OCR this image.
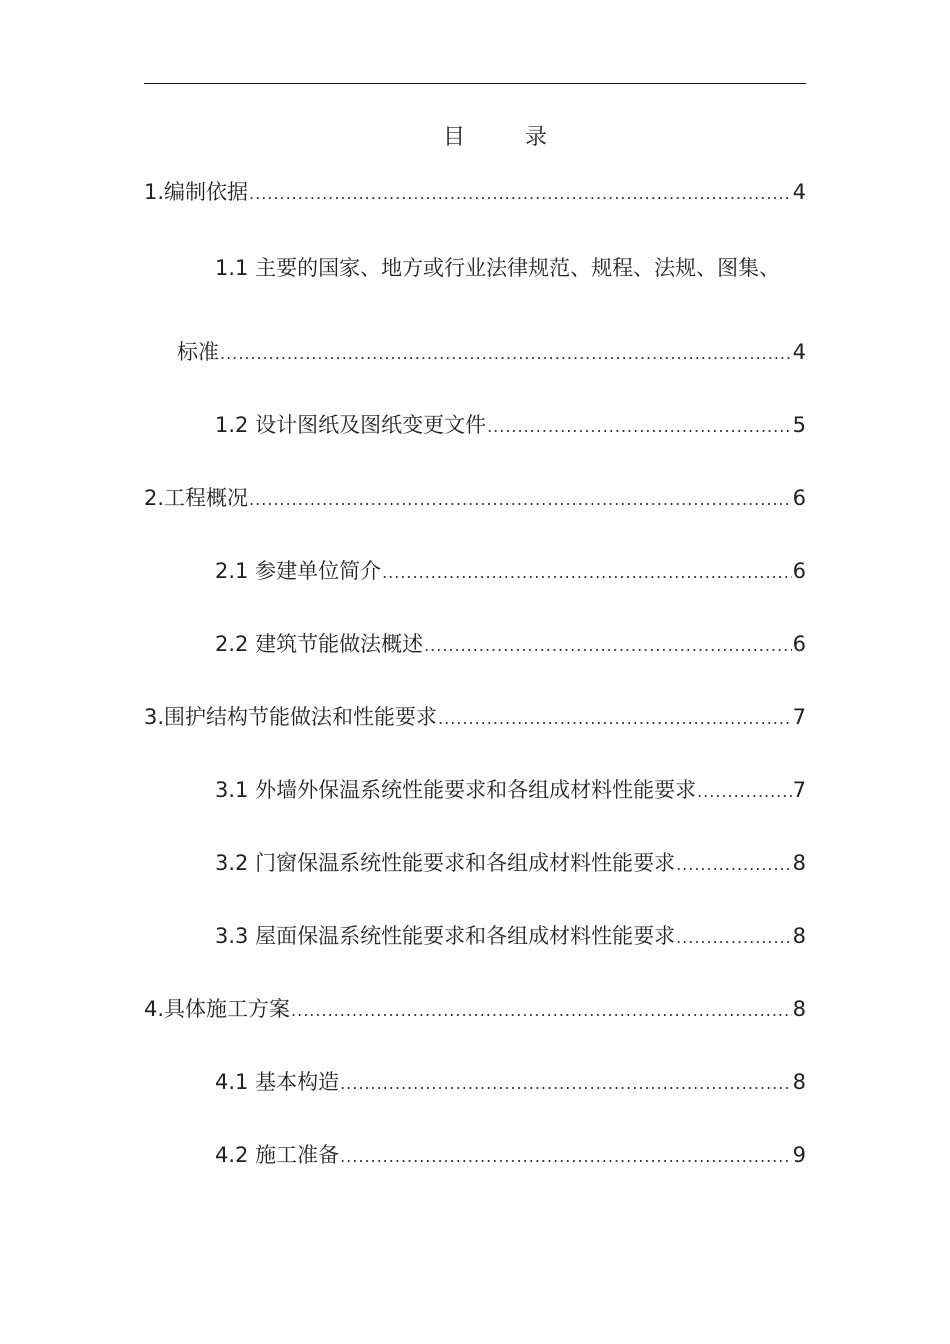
目	录
1.编制依据 .....	4
1.1 主要的国家、地方或行业法律规范、规程、法规、图集、
标准 .....	4
1.2 设计图纸及图纸变更文件 .....	5
2.工程概况 .....	6
2.1 参建单位简介 .....	6
2.2 建筑节能做法概述 .....	6
3.围护结构节能做法和性能要求 .....	7
3.1 外墙外保温系统性能要求和各组成材料性能要求 .....	7
3.2 门窗保温系统性能要求和各组成材料性能要求 .....	8
3.3 屋面保温系统性能要求和各组成材料性能要求 .....	8
4.具体施工方案 .....	8
4.1 基本构造 .....	8
4.2 施工准备 .....	9
